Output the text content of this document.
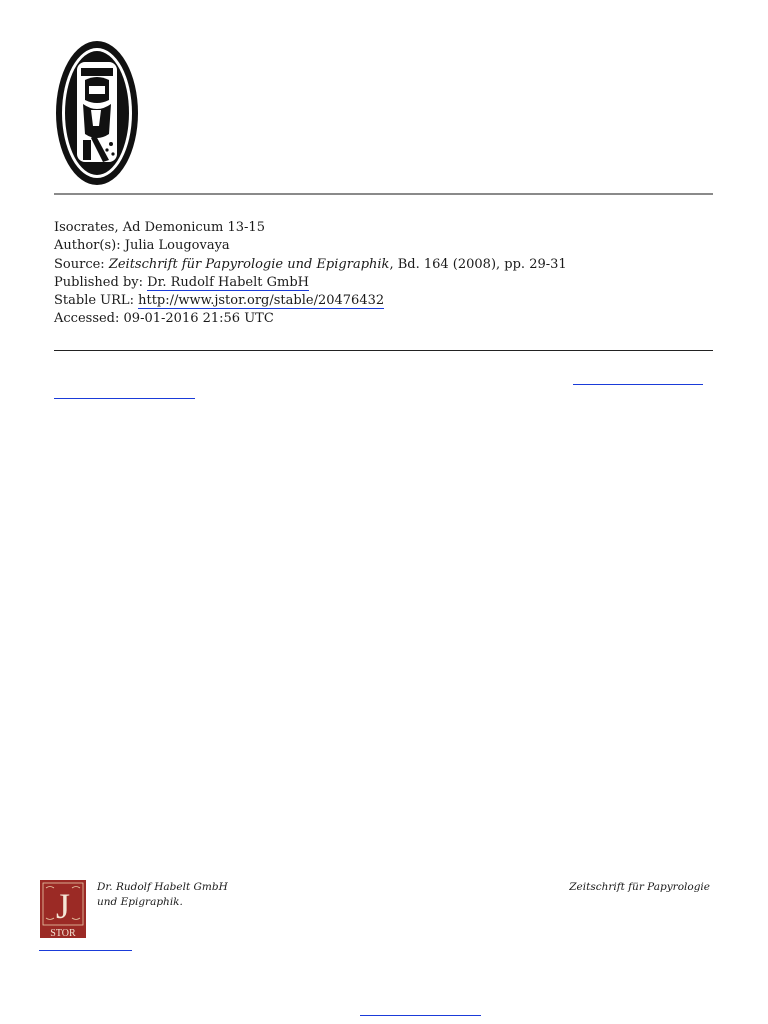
Isocrates, Ad Demonicum 13-15
Author(s): Julia Lougovaya
Source: Zeitschrift für Papyrologie und Epigraphik, Bd. 164 (2008), pp. 29-31
Published by: Dr. Rudolf Habelt GmbH
Stable URL: http://www.jstor.org/stable/20476432
Accessed: 09-01-2016 21:56 UTC
J
STOR
Dr. Rudolf Habelt GmbH
und Epigraphik.
Zeitschrift für Papyrologie
